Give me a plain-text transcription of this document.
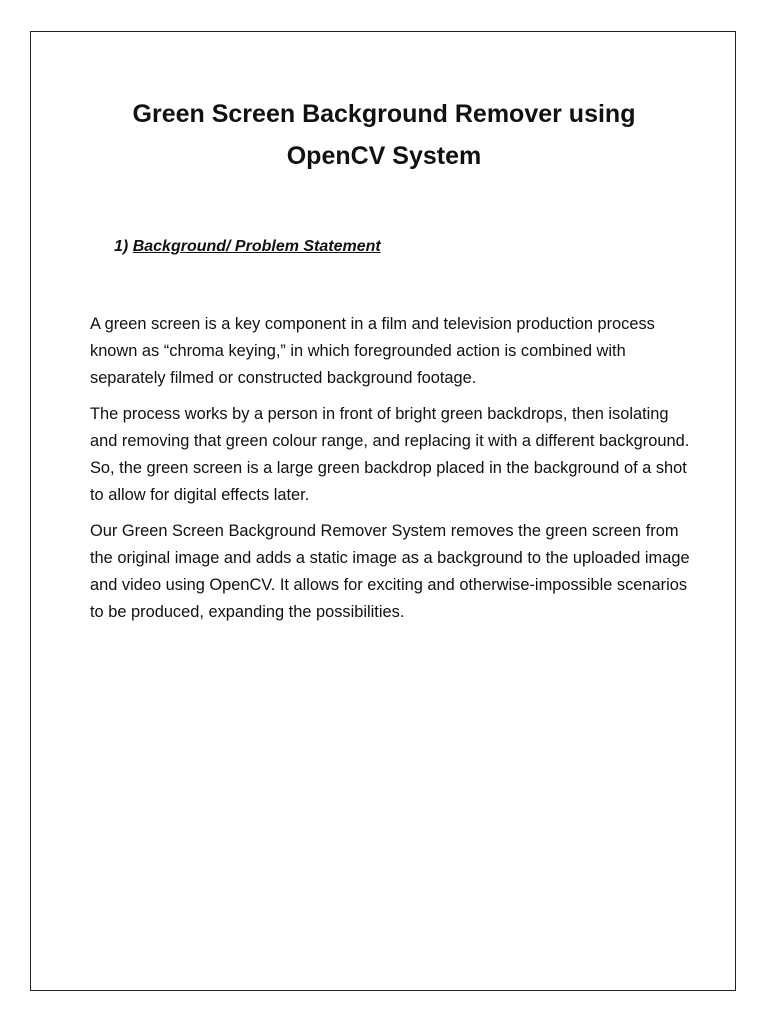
Green Screen Background Remover using OpenCV System
1) Background/ Problem Statement

A green screen is a key component in a film and television production process known as “chroma keying,” in which foregrounded action is combined with separately filmed or constructed background footage.

The process works by a person in front of bright green backdrops, then isolating and removing that green colour range, and replacing it with a different background. So, the green screen is a large green backdrop placed in the background of a shot to allow for digital effects later.

Our Green Screen Background Remover System removes the green screen from the original image and adds a static image as a background to the uploaded image and video using OpenCV. It allows for exciting and otherwise-impossible scenarios to be produced, expanding the possibilities.
